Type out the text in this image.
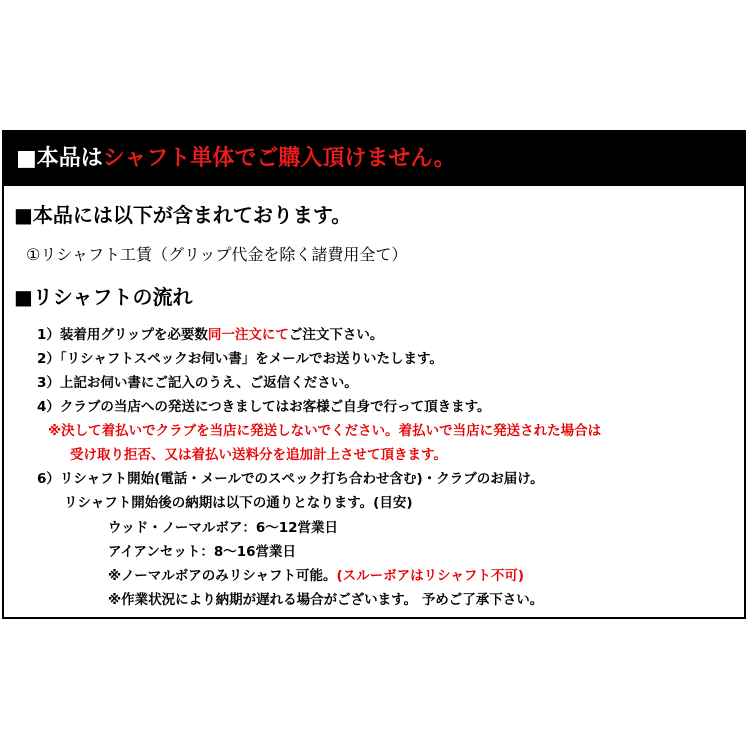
■本品はシャフト単体でご購入頂けません。
■本品には以下が含まれております。
①リシャフト工賃（グリップ代金を除く諸費用全て）
■リシャフトの流れ
1）装着用グリップを必要数同一注文にてご注文下さい。
2）「リシャフトスペックお伺い書」をメールでお送りいたします。
3）上記お伺い書にご記入のうえ、ご返信ください。
4）クラブの当店への発送につきましてはお客様ご自身で行って頂きます。
※決して着払いでクラブを当店に発送しないでください。着払いで当店に発送された場合は
受け取り拒否、又は着払い送料分を追加計上させて頂きます。
6）リシャフト開始(電話・メールでのスペック打ち合わせ含む)・クラブのお届け。
リシャフト開始後の納期は以下の通りとなります。(目安)
ウッド・ノーマルボア：6～12営業日
アイアンセット：8～16営業日
※ノーマルボアのみリシャフト可能。(スルーボアはリシャフト不可)
※作業状況により納期が遅れる場合がございます。 予めご了承下さい。
